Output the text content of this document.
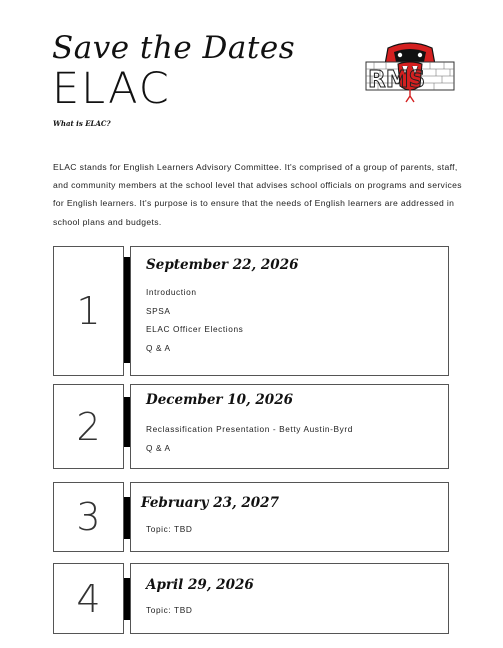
Save the Dates
ELAC
What is ELAC?
RMS
ELAC stands for English Learners Advisory Committee. It's comprised of a group of parents, staff, and community members at the school level that advises school officials on programs and services for English learners. It's purpose is to ensure that the needs of English learners are addressed in school plans and budgets.
1
September 22, 2026
Introduction
SPSA
ELAC Officer Elections
Q & A
2
December 10, 2026
Reclassification Presentation - Betty Austin-Byrd
Q & A
3	February 23, 2027
Topic: TBD
4	April 29, 2026
Topic: TBD
